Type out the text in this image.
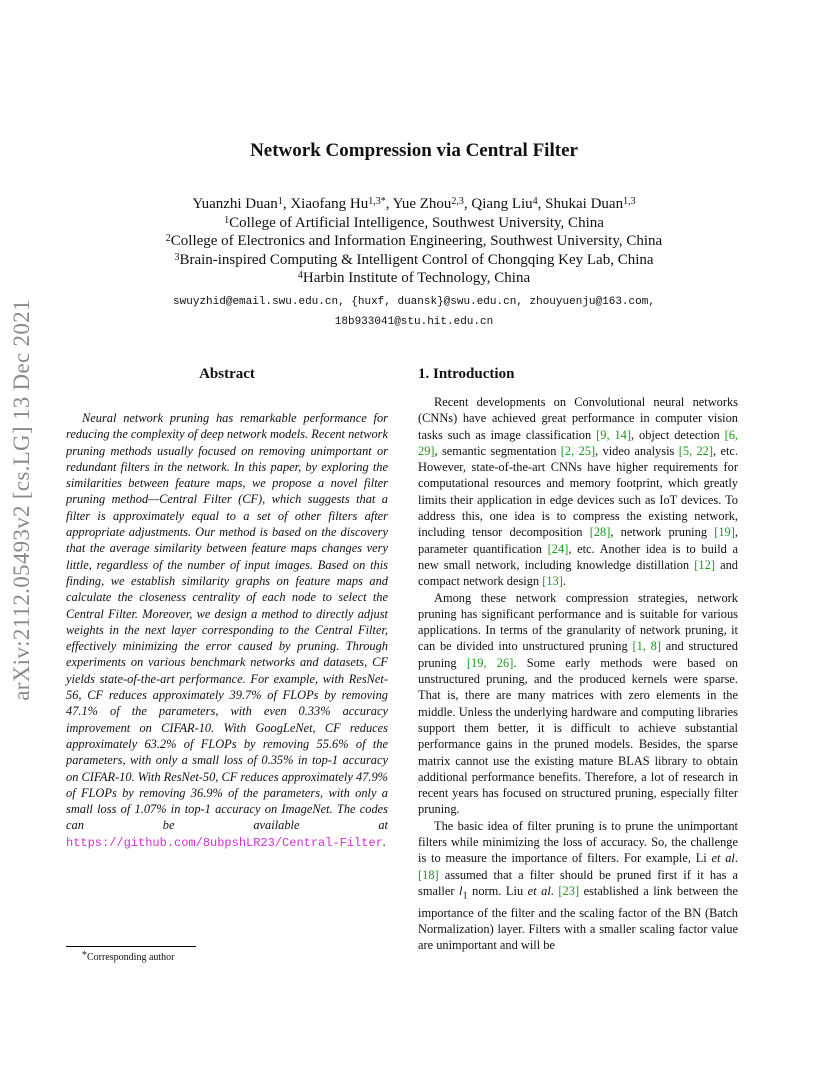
arXiv:2112.05493v2 [cs.LG] 13 Dec 2021
Network Compression via Central Filter
Yuanzhi Duan$^1$, Xiaofang $Hu^{1,3*}$, Yue Zhou$^{2,3}$, Qiang Liu$^4$, Shukai Duan$^{1,3}$
$^1$College of Artificial Intelligence, Southwest University, China
$^2$College of Electronics and Information Engineering, Southwest University, China
$^3$Brain-inspired Computing & Intelligent Control of Chongqing Key Lab, China
$^4$Harbin Institute of Technology, China
swuyzhid@email.swu.edu.cn, {huxf, duansk}@swu.edu.cn, zhouyuenju@163.com,
18b933041@stu.hit.edu.cn
Abstract

Neural network pruning has remarkable performance for reducing the complexity of deep network models. Recent network pruning methods usually focused on removing unimportant or redundant filters in the network. In this paper, by exploring the similarities between feature maps, we propose a novel filter pruning method—Central Filter (CF), which suggests that a filter is approximately equal to a set of other filters after appropriate adjustments. Our method is based on the discovery that the average similarity between feature maps changes very little, regardless of the number of input images. Based on this finding, we establish similarity graphs on feature maps and calculate the closeness centrality of each node to select the Central Filter. Moreover, we design a method to directly adjust weights in the next layer corresponding to the Central Filter, effectively minimizing the error caused by pruning. Through experiments on various benchmark networks and datasets, CF yields state-of-the-art performance. For example, with ResNet-56, CF reduces approximately 39.7% of FLOPs by removing 47.1% of the parameters, with even 0.33% accuracy improvement on CIFAR-10. With GoogLeNet, CF reduces approximately 63.2% of FLOPs by removing 55.6% of the parameters, with only a small loss of 0.35% in top-1 accuracy on CIFAR-10. With ResNet-50, CF reduces approximately 47.9% of FLOPs by removing 36.9% of the parameters, with only a small loss of 1.07% in top-1 accuracy on ImageNet. The codes can be available at https://github.com/8ubpshLR23/Central-Filter.

1. Introduction

Recent developments on Convolutional neural networks (CNNs) have achieved great performance in computer vision tasks such as image classification [9, 14], object detection [6, 29], semantic segmentation [2, 25], video analysis [5, 22], etc. However, state-of-the-art CNNs have higher requirements for computational resources and memory footprint, which greatly limits their application in edge devices such as IoT devices. To address this, one idea is to compress the existing network, including tensor decomposition [28], network pruning [19], parameter quantification [24], etc. Another idea is to build a new small network, including knowledge distillation [12] and compact network design [13].

Among these network compression strategies, network pruning has significant performance and is suitable for various applications. In terms of the granularity of network pruning, it can be divided into unstructured pruning [1, 8] and structured pruning [19, 26]. Some early methods were based on unstructured pruning, and the produced kernels were sparse. That is, there are many matrices with zero elements in the middle. Unless the underlying hardware and computing libraries support them better, it is difficult to achieve substantial performance gains in the pruned models. Besides, the sparse matrix cannot use the existing mature BLAS library to obtain additional performance benefits. Therefore, a lot of research in recent years has focused on structured pruning, especially filter pruning.

The basic idea of filter pruning is to prune the unimportant filters while minimizing the loss of accuracy. So, the challenge is to measure the importance of filters. For example, Li et al. [18] assumed that a filter should be pruned first if it has a smaller $l_1$ norm. Liu et al. [23] established a link between the importance of the filter and the scaling factor of the BN (Batch Normalization) layer. Filters with a smaller scaling factor value are unimportant and will be

*Corresponding author
